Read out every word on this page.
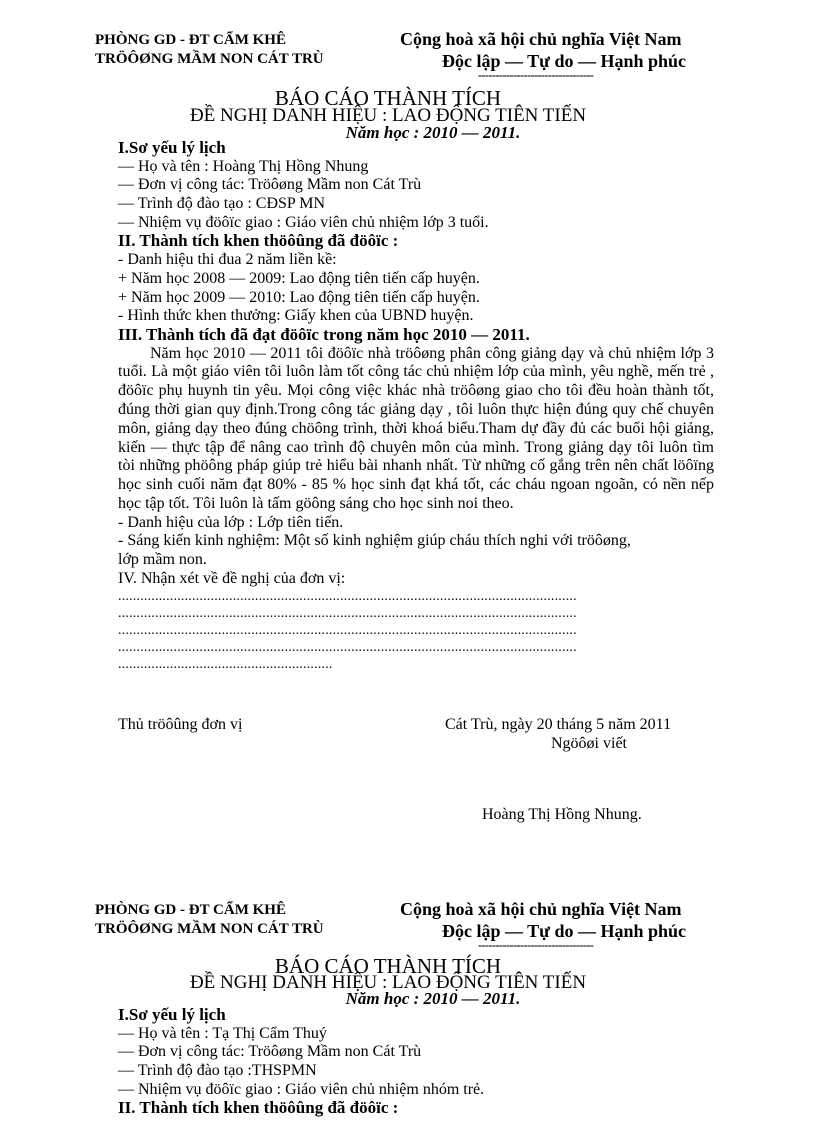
PHÒNG GD - ĐT CẨM KHÊ
TRÖÔØNG MẦM NON CÁT TRÙ
Cộng hoà xã hội chủ nghĩa Việt Nam
Độc lập — Tự do — Hạnh phúc
---------------------------------
BÁO CÁO THÀNH TÍCH
ĐỀ NGHỊ DANH HIỆU : LAO ĐỘNG TIÊN TIẾN
Năm học : 2010 — 2011.
I.Sơ yếu lý lịch
— Họ và tên : Hoàng Thị Hồng Nhung
— Đơn vị công tác: Tröôøng Mầm non Cát Trù
— Trình độ đào tạo : CĐSP MN
— Nhiệm vụ đöôïc giao : Giáo viên chủ nhiệm lớp 3 tuổi.
II. Thành tích khen thöôûng đã đöôïc :
- Danh hiệu thi đua 2 năm liền kề:
+ Năm học 2008 — 2009: Lao động tiên tiến cấp huyện.
+ Năm học 2009 — 2010: Lao động tiên tiến cấp huyện.
- Hình thức khen thưởng: Giấy khen của UBND huyện.
III. Thành tích đã đạt đöôïc trong năm học 2010 — 2011.
Năm học 2010 — 2011 tôi đöôïc nhà tröôøng phân công giảng dạy và chủ nhiệm lớp 3 tuổi. Là một giáo viên tôi luôn làm tốt công tác chủ nhiệm lớp của mình, yêu nghề, mến trẻ , đöôïc phụ huynh tin yêu. Mọi công việc khác nhà tröôøng giao cho tôi đều hoàn thành tốt, đúng thời gian quy định.Trong công tác giảng dạy , tôi luôn thực hiện đúng quy chế chuyên môn, giảng dạy theo đúng chöông trình, thời khoá biểu.Tham dự đầy đủ các buổi hội giảng, kiến — thực tập để nâng cao trình độ chuyên môn của mình. Trong giảng dạy tôi luôn tìm tòi những phöông pháp giúp trẻ hiểu bài nhanh nhất. Từ những cố gắng trên nên chất löôïng học sinh cuối năm đạt 80% - 85 % học sinh đạt khá tốt, các cháu ngoan ngoãn, có nền nếp học tập tốt. Tôi luôn là tấm göông sáng cho học sinh noi theo.
- Danh hiệu của lớp : Lớp tiên tiến.
- Sáng kiến kinh nghiệm: Một số kinh nghiệm giúp cháu thích nghi với tröôøng,
lớp mầm non.
IV. Nhận xét về đề nghị của đơn vị:
............................................................................................................................
............................................................................................................................
............................................................................................................................
............................................................................................................................
..........................................................
Thủ tröôûng đơn vị	Cát Trù, ngày 20 tháng 5 năm 2011
Ngöôøi viết
Hoàng Thị Hồng Nhung.
PHÒNG GD - ĐT CẨM KHÊ
TRÖÔØNG MẦM NON CÁT TRÙ
Cộng hoà xã hội chủ nghĩa Việt Nam
Độc lập — Tự do — Hạnh phúc
---------------------------------
BÁO CÁO THÀNH TÍCH
ĐỀ NGHỊ DANH HIỆU : LAO ĐỘNG TIÊN TIẾN
Năm học : 2010 — 2011.
I.Sơ yếu lý lịch
— Họ và tên : Tạ Thị Cẩm Thuý
— Đơn vị công tác: Tröôøng Mầm non Cát Trù
— Trình độ đào tạo :THSPMN
— Nhiệm vụ đöôïc giao : Giáo viên chủ nhiệm nhóm trẻ.
II. Thành tích khen thöôûng đã đöôïc :
